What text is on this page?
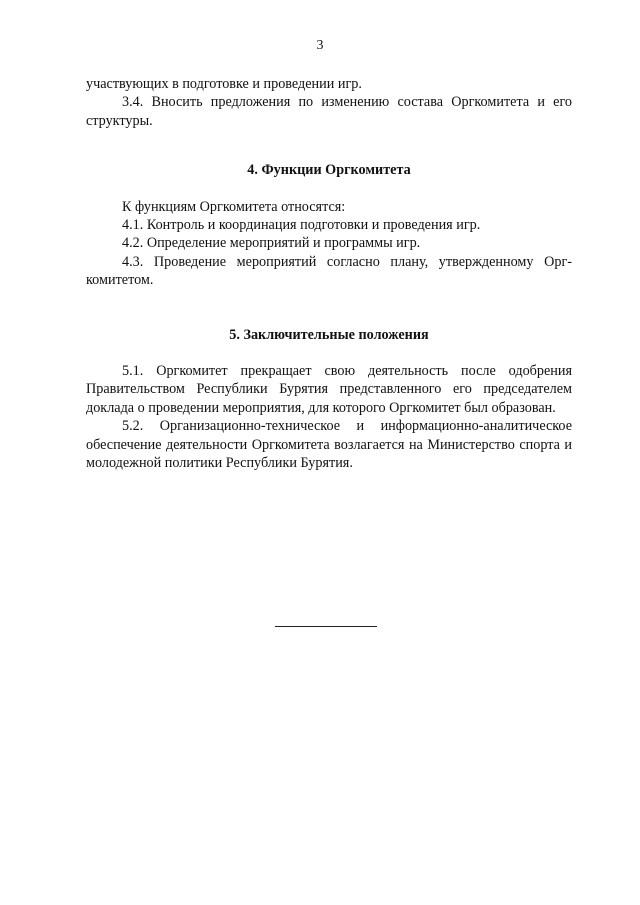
3

участвующих в подготовке и проведении игр.

3.4. Вносить предложения по изменению состава Оргкомитета и его структуры.

4. Функции Оргкомитета

К функциям Оргкомитета относятся:

4.1. Контроль и координация подготовки и проведения игр.

4.2. Определение мероприятий и программы игр.

4.3. Проведение мероприятий согласно плану, утвержденному Оргкомитетом.

5. Заключительные положения

5.1. Оргкомитет прекращает свою деятельность после одобрения Правительством Республики Бурятия представленного его председателем доклада о проведении мероприятия, для которого Оргкомитет был образован.

5.2. Организационно-техническое и информационно-аналитическое обеспечение деятельности Оргкомитета возлагается на Министерство спорта и молодежной политики Республики Бурятия.
